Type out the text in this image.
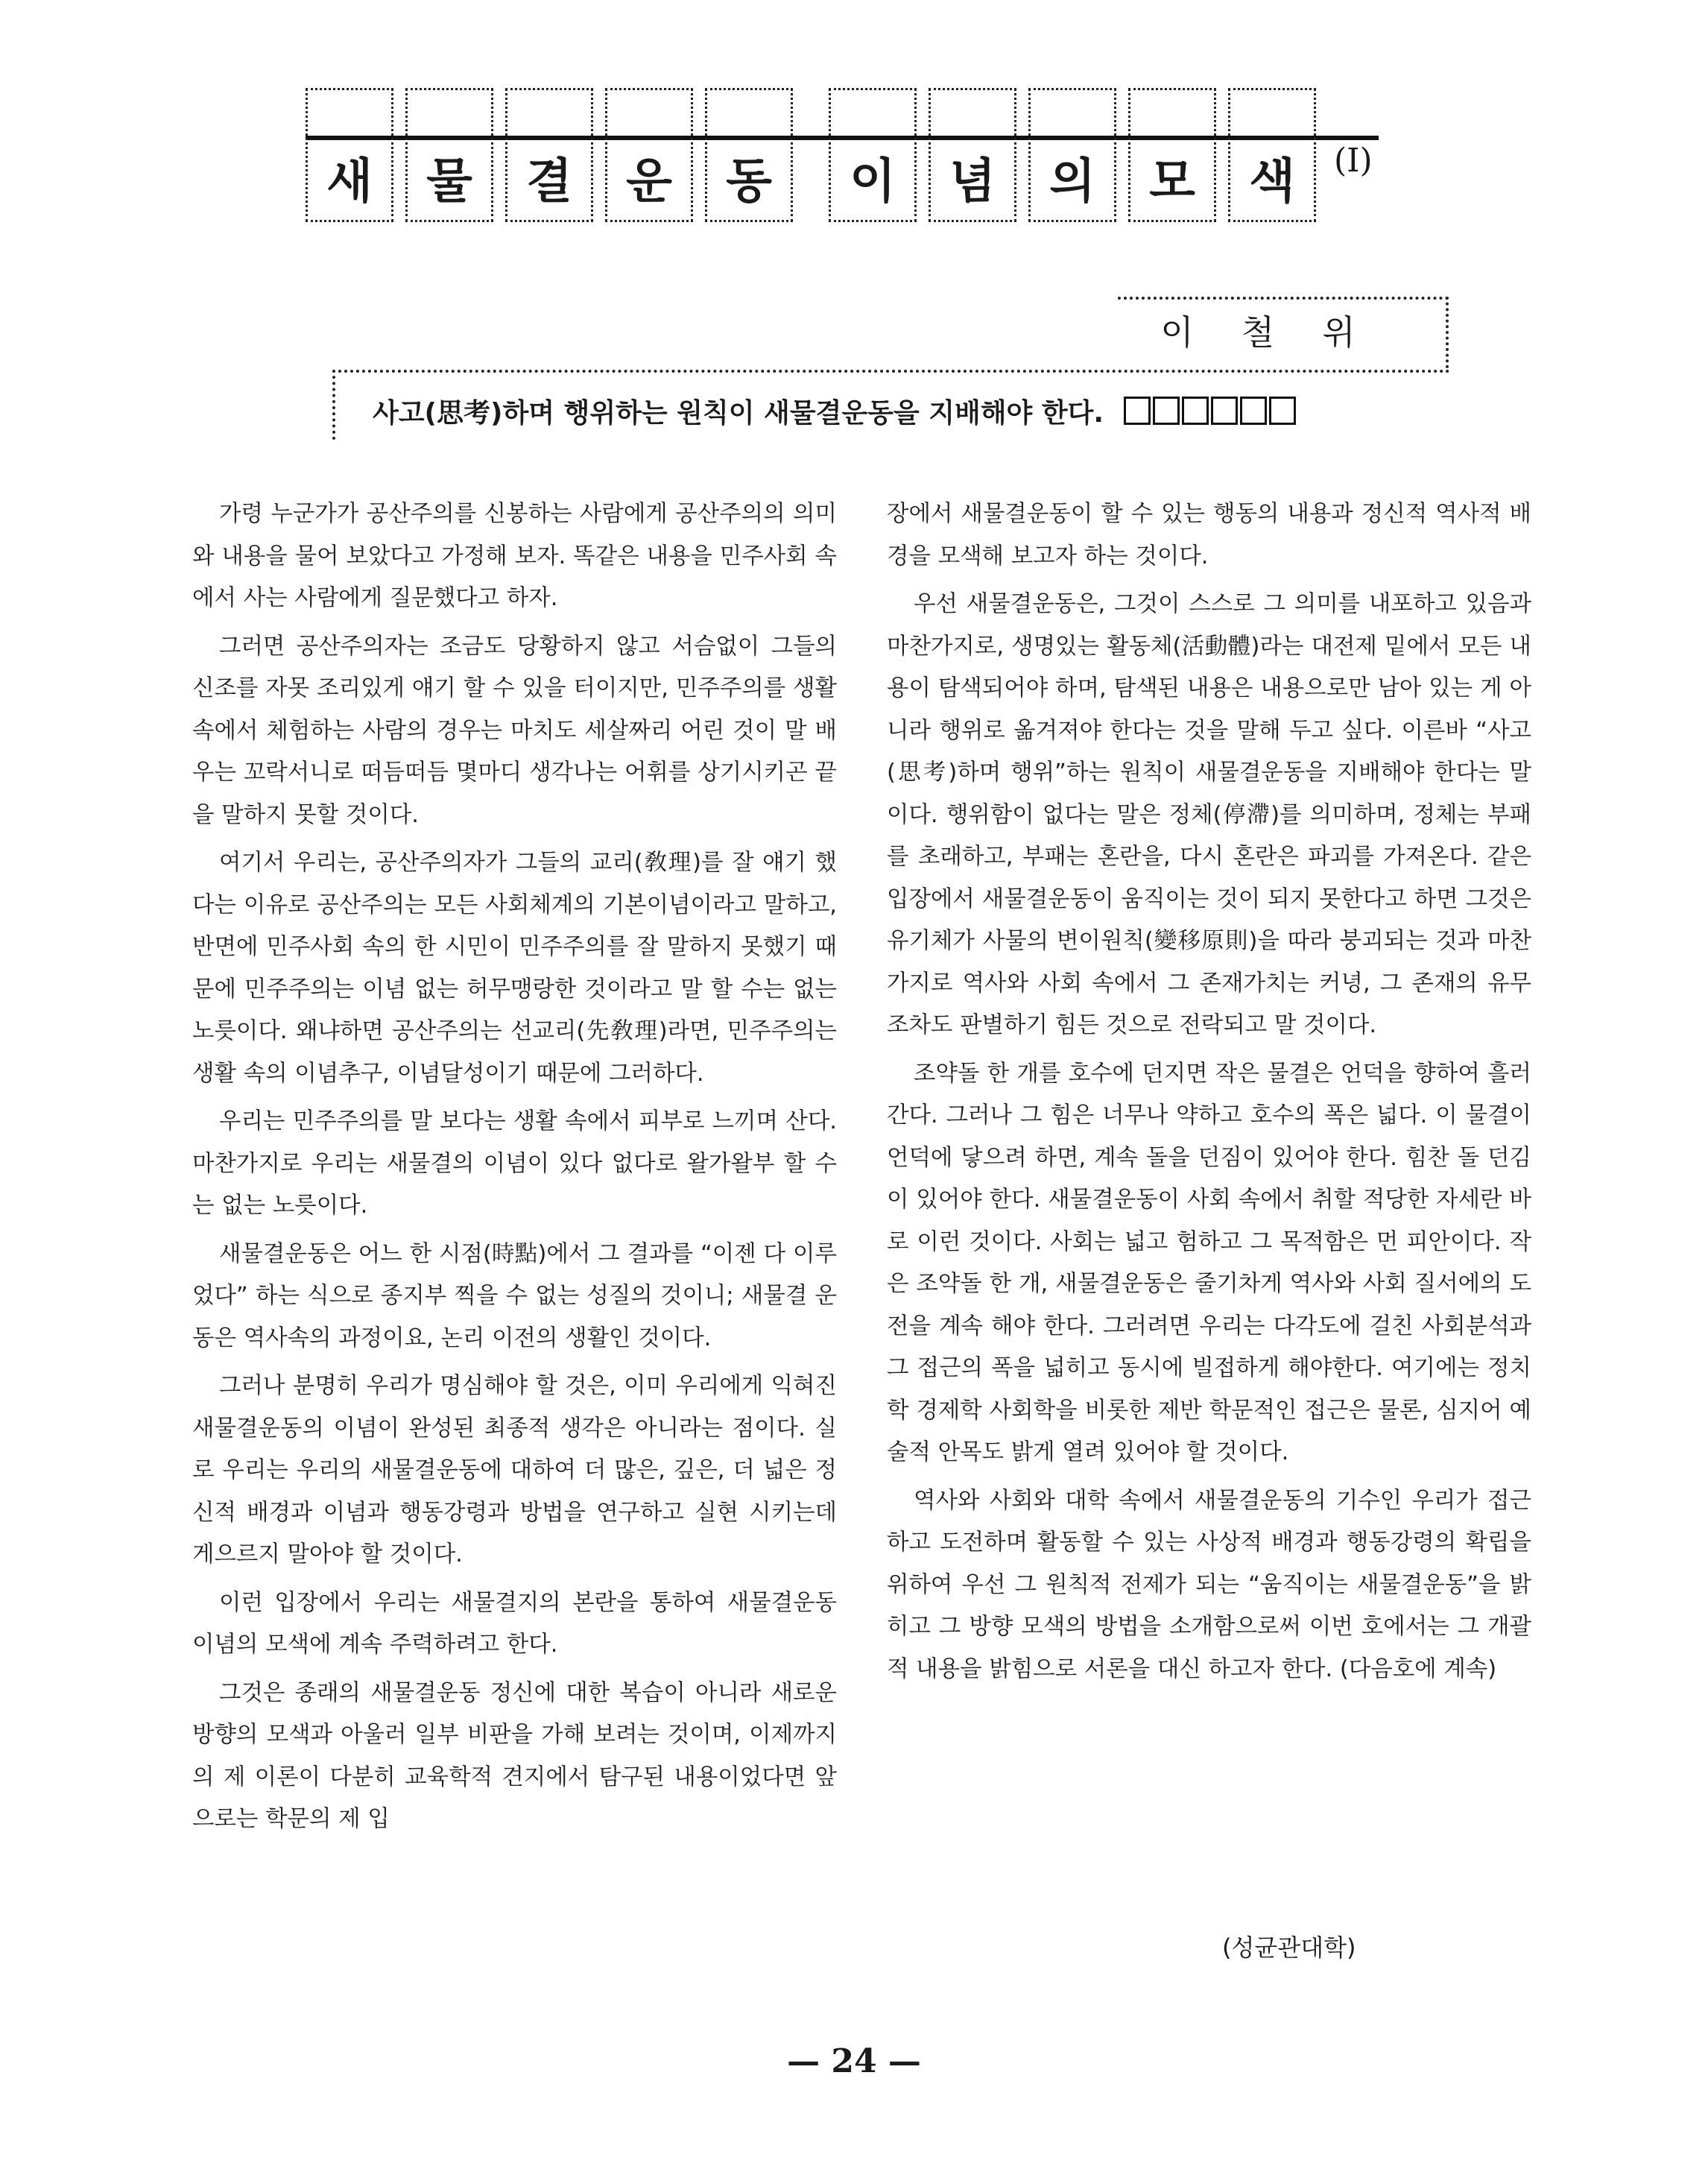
새	물	결	운	동	이	념	의	모	색	(Ⅰ)
이철위
사고(思考)하며 행위하는 원칙이 새물결운동을 지배해야 한다.

가령 누군가가 공산주의를 신봉하는 사람에게 공산주의의 의미와 내용을 물어 보았다고 가정해 보자. 똑같은 내용을 민주사회 속에서 사는 사람에게 질문했다고 하자.

그러면 공산주의자는 조금도 당황하지 않고 서슴없이 그들의 신조를 자못 조리있게 얘기 할 수 있을 터이지만, 민주주의를 생활 속에서 체험하는 사람의 경우는 마치도 세살짜리 어린 것이 말 배우는 꼬락서니로 떠듬떠듬 몇마디 생각나는 어휘를 상기시키곤 끝을 말하지 못할 것이다.

여기서 우리는, 공산주의자가 그들의 교리(敎理)를 잘 얘기 했다는 이유로 공산주의는 모든 사회체계의 기본이념이라고 말하고, 반면에 민주사회 속의 한 시민이 민주주의를 잘 말하지 못했기 때문에 민주주의는 이념 없는 허무맹랑한 것이라고 말 할 수는 없는 노릇이다. 왜냐하면 공산주의는 선교리(先敎理)라면, 민주주의는 생활 속의 이념추구, 이념달성이기 때문에 그러하다.

우리는 민주주의를 말 보다는 생활 속에서 피부로 느끼며 산다. 마찬가지로 우리는 새물결의 이념이 있다 없다로 왈가왈부 할 수는 없는 노릇이다.

새물결운동은 어느 한 시점(時點)에서 그 결과를 “이젠 다 이루었다” 하는 식으로 종지부 찍을 수 없는 성질의 것이니; 새물결 운동은 역사속의 과정이요, 논리 이전의 생활인 것이다.

그러나 분명히 우리가 명심해야 할 것은, 이미 우리에게 익혀진 새물결운동의 이념이 완성된 최종적 생각은 아니라는 점이다. 실로 우리는 우리의 새물결운동에 대하여 더 많은, 깊은, 더 넓은 정신적 배경과 이념과 행동강령과 방법을 연구하고 실현 시키는데 게으르지 말아야 할 것이다.

이런 입장에서 우리는 새물결지의 본란을 통하여 새물결운동 이념의 모색에 계속 주력하려고 한다.

그것은 종래의 새물결운동 정신에 대한 복습이 아니라 새로운 방향의 모색과 아울러 일부 비판을 가해 보려는 것이며, 이제까지의 제 이론이 다분히 교육학적 견지에서 탐구된 내용이었다면 앞으로는 학문의 제 입

장에서 새물결운동이 할 수 있는 행동의 내용과 정신적 역사적 배경을 모색해 보고자 하는 것이다.

우선 새물결운동은, 그것이 스스로 그 의미를 내포하고 있음과 마찬가지로, 생명있는 활동체(活動體)라는 대전제 밑에서 모든 내용이 탐색되어야 하며, 탐색된 내용은 내용으로만 남아 있는 게 아니라 행위로 옮겨져야 한다는 것을 말해 두고 싶다. 이른바 “사고(思考)하며 행위”하는 원칙이 새물결운동을 지배해야 한다는 말이다. 행위함이 없다는 말은 정체(停滯)를 의미하며, 정체는 부패를 초래하고, 부패는 혼란을, 다시 혼란은 파괴를 가져온다. 같은 입장에서 새물결운동이 움직이는 것이 되지 못한다고 하면 그것은 유기체가 사물의 변이원칙(變移原則)을 따라 붕괴되는 것과 마찬가지로 역사와 사회 속에서 그 존재가치는 커녕, 그 존재의 유무 조차도 판별하기 힘든 것으로 전락되고 말 것이다.

조약돌 한 개를 호수에 던지면 작은 물결은 언덕을 향하여 흘러간다. 그러나 그 힘은 너무나 약하고 호수의 폭은 넓다. 이 물결이 언덕에 닿으려 하면, 계속 돌을 던짐이 있어야 한다. 힘찬 돌 던김이 있어야 한다. 새물결운동이 사회 속에서 취할 적당한 자세란 바로 이런 것이다. 사회는 넓고 험하고 그 목적함은 먼 피안이다. 작은 조약돌 한 개, 새물결운동은 줄기차게 역사와 사회 질서에의 도전을 계속 해야 한다. 그러려면 우리는 다각도에 걸친 사회분석과 그 접근의 폭을 넓히고 동시에 빌접하게 해야한다. 여기에는 정치학 경제학 사회학을 비롯한 제반 학문적인 접근은 물론, 심지어 예술적 안목도 밝게 열려 있어야 할 것이다.

역사와 사회와 대학 속에서 새물결운동의 기수인 우리가 접근하고 도전하며 활동할 수 있는 사상적 배경과 행동강령의 확립을 위하여 우선 그 원칙적 전제가 되는 “움직이는 새물결운동”을 밝히고 그 방향 모색의 방법을 소개함으로써 이번 호에서는 그 개괄적 내용을 밝힘으로 서론을 대신 하고자 한다. (다음호에 계속)

(성균관대학)
— 24 —
